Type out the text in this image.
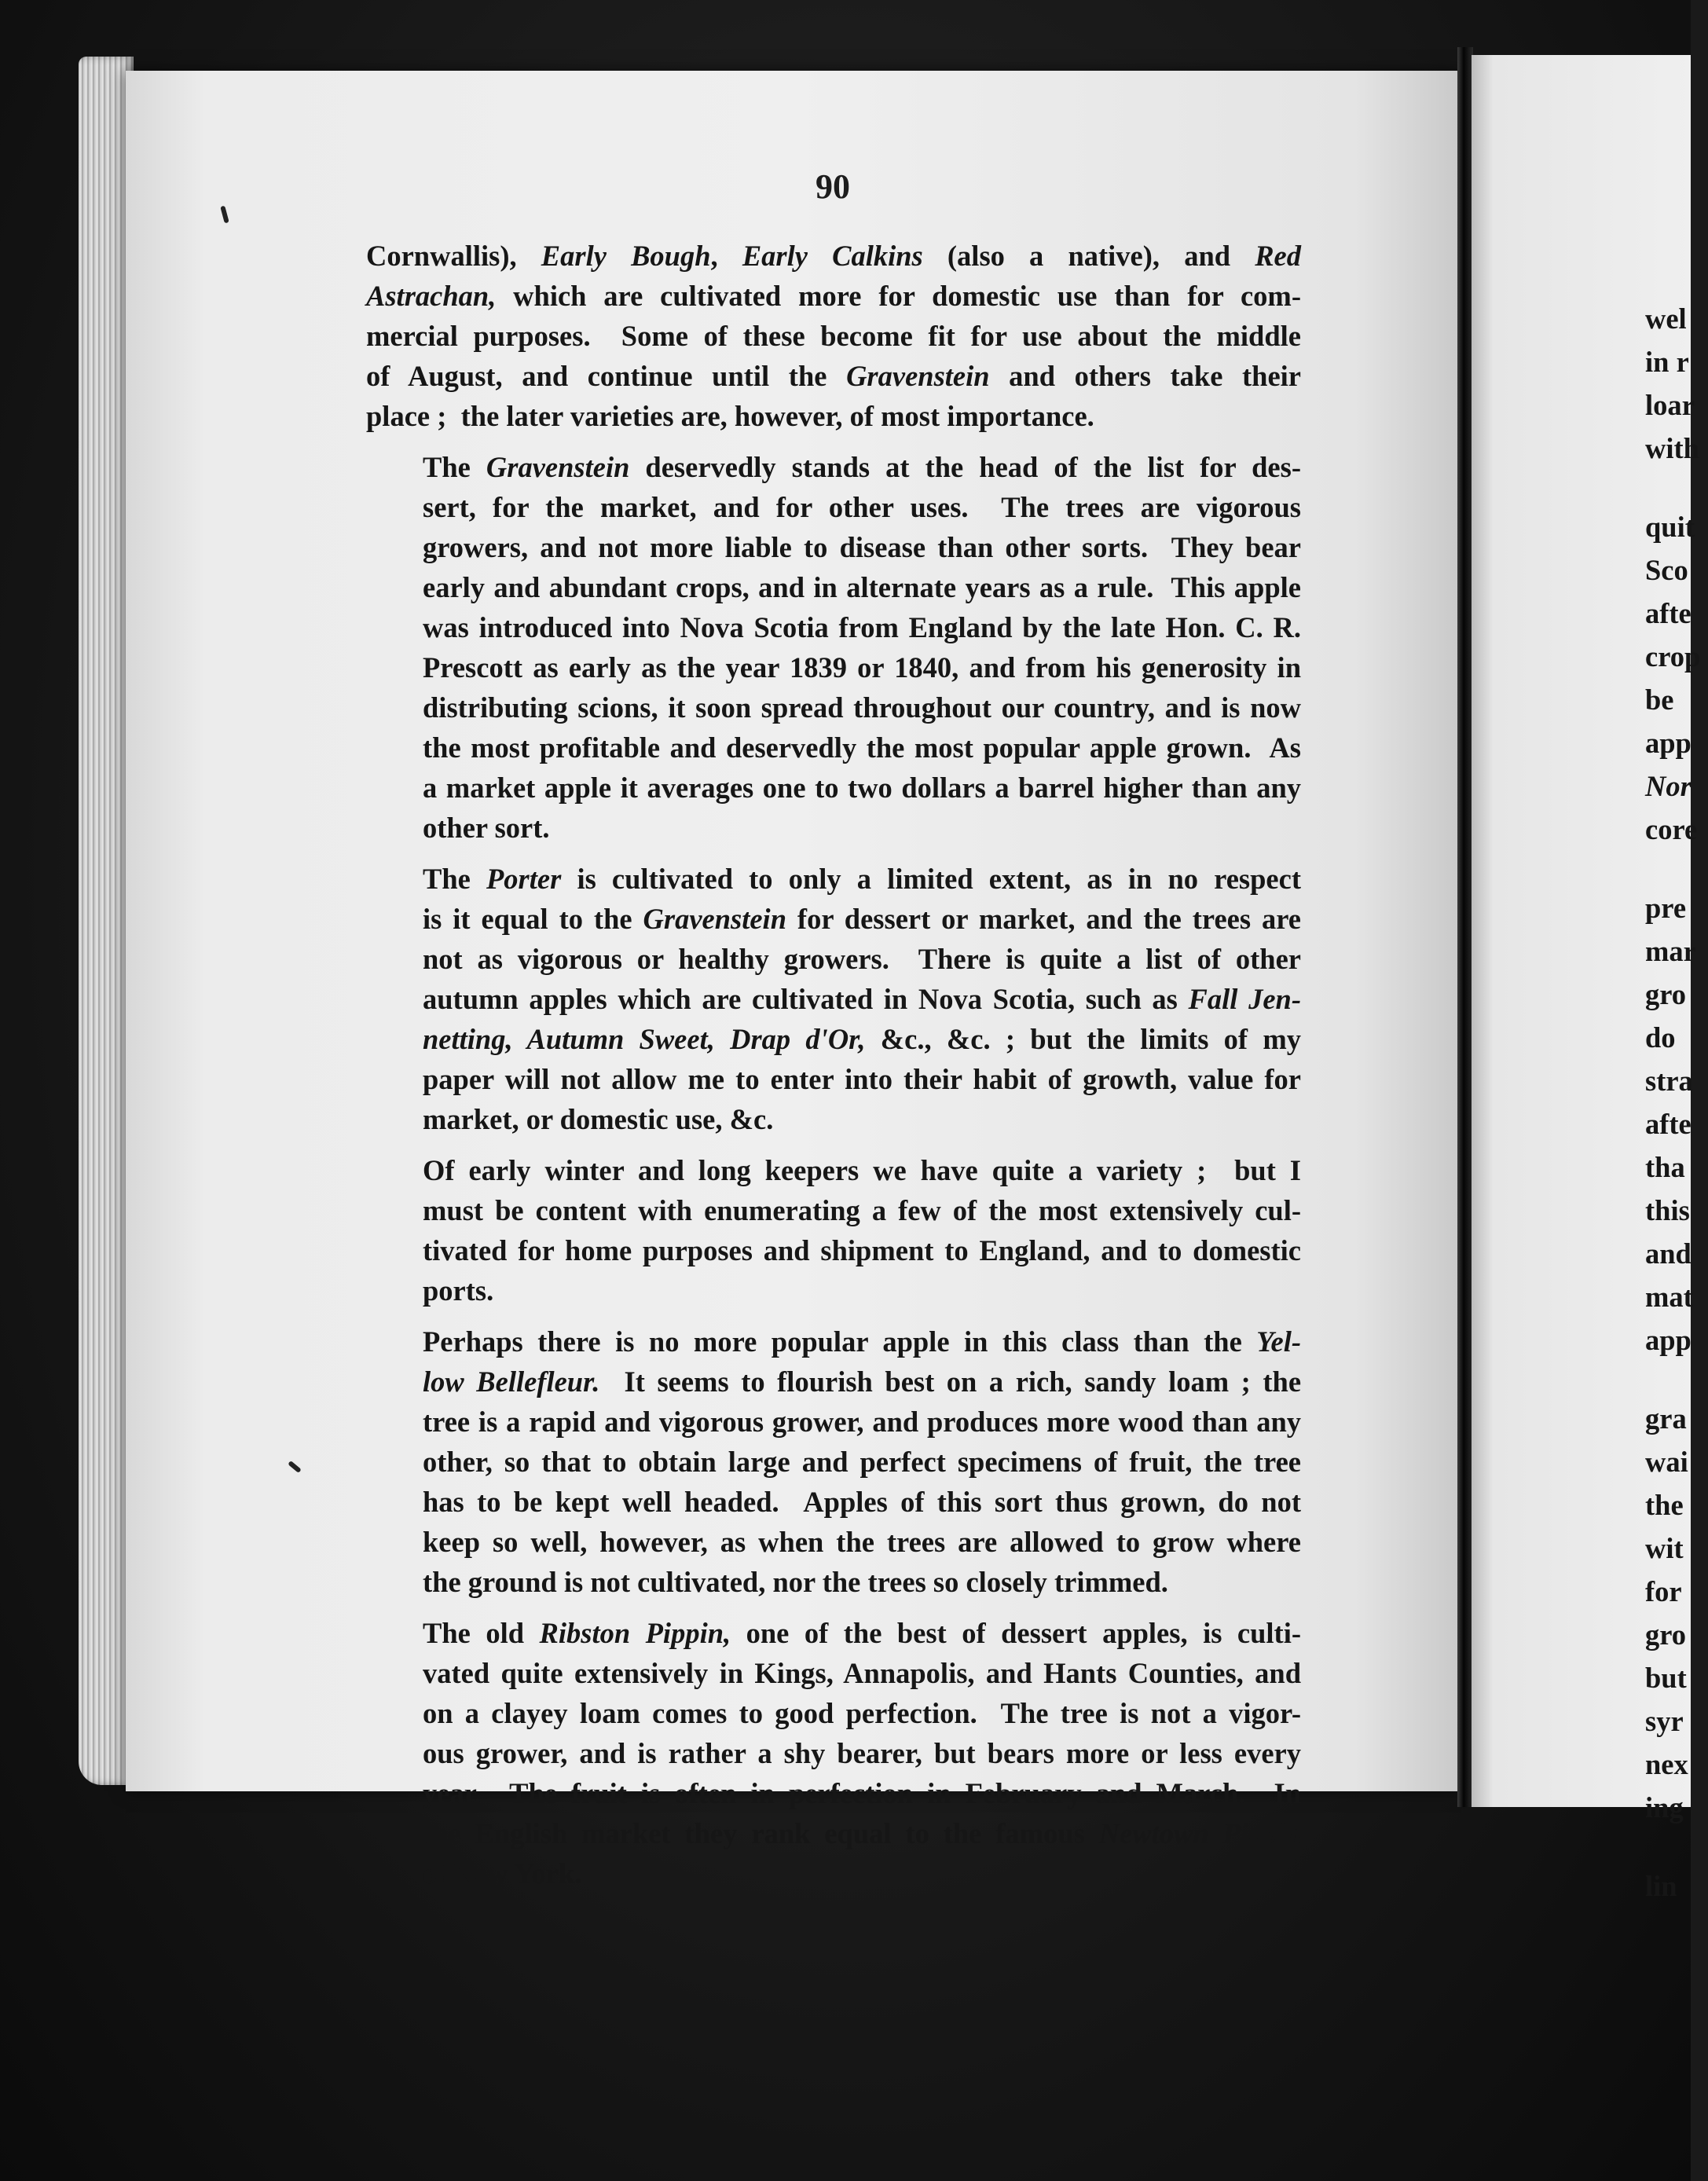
90

Cornwallis), Early Bough, Early Calkins (also a native), and Red
Astrachan, which are cultivated more for domestic use than for com-
mercial purposes.  Some of these become fit for use about the middle
of August, and continue until the Gravenstein and others take their
place ;  the later varieties are, however, of most importance.

The Gravenstein deservedly stands at the head of the list for des-
sert, for the market, and for other uses.  The trees are vigorous
growers, and not more liable to disease than other sorts.  They bear
early and abundant crops, and in alternate years as a rule.  This apple
was introduced into Nova Scotia from England by the late Hon. C. R.
Prescott as early as the year 1839 or 1840, and from his generosity in
distributing scions, it soon spread throughout our country, and is now
the most profitable and deservedly the most popular apple grown.  As
a market apple it averages one to two dollars a barrel higher than any
other sort.

The Porter is cultivated to only a limited extent, as in no respect
is it equal to the Gravenstein for dessert or market, and the trees are
not as vigorous or healthy growers.  There is quite a list of other
autumn apples which are cultivated in Nova Scotia, such as Fall Jen-
netting, Autumn Sweet, Drap d'Or, &c., &c. ; but the limits of my
paper will not allow me to enter into their habit of growth, value for
market, or domestic use, &c.

Of early winter and long keepers we have quite a variety ;  but I
must be content with enumerating a few of the most extensively cul-
tivated for home purposes and shipment to England, and to domestic
ports.

Perhaps there is no more popular apple in this class than the Yel-
low Bellefleur.  It seems to flourish best on a rich, sandy loam ; the
tree is a rapid and vigorous grower, and produces more wood than any
other, so that to obtain large and perfect specimens of fruit, the tree
has to be kept well headed.  Apples of this sort thus grown, do not
keep so well, however, as when the trees are allowed to grow where
the ground is not cultivated, nor the trees so closely trimmed.

The old Ribston Pippin, one of the best of dessert apples, is culti-
vated quite extensively in Kings, Annapolis, and Hants Counties, and
on a clayey loam comes to good perfection.  The tree is not a vigor-
ous grower, and is rather a shy bearer, but bears more or less every
year.  The fruit is often in perfection in February and March.  In
the English market they rank equal to the famous Newtown Pippin
of New York.

wel
in r
loar
with
quit
Sco
afte
crop
be
app
Nor
core
pre
mar
gro
do
stra
afte
tha
this
and
mat
app
gra
wai
the
wit
for
gro
but
syr
nex
ing
lin
